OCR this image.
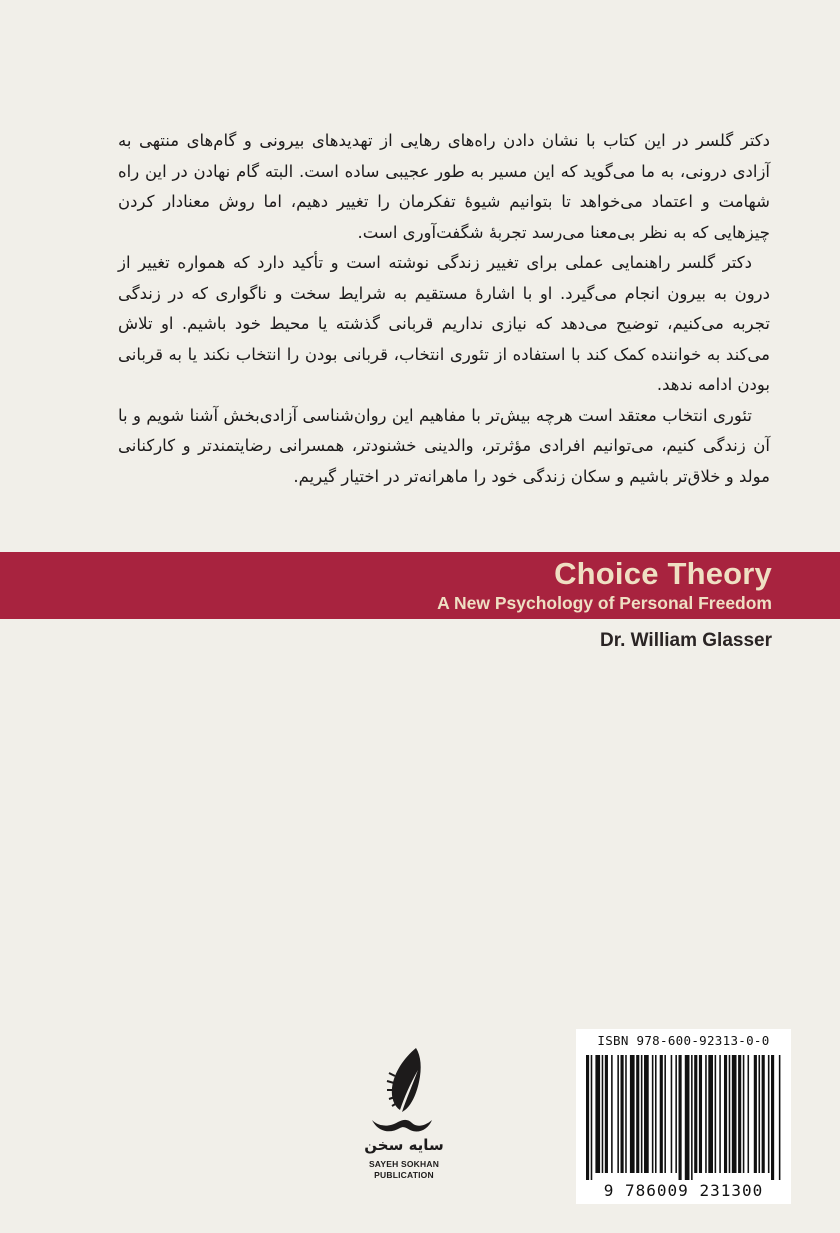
دکتر گلسر در این کتاب با نشان دادن راه‌های رهایی از تهدیدهای بیرونی و گام‌های منتهی به آزادی درونی، به ما می‌گوید که این مسیر به طور عجیبی ساده است. البته گام نهادن در این راه شهامت و اعتماد می‌خواهد تا بتوانیم شیوهٔ تفکرمان را تغییر دهیم، اما روش معنادار کردن چیزهایی که به نظر بی‌معنا می‌رسد تجربهٔ شگفت‌آوری است.

دکتر گلسر راهنمایی عملی برای تغییر زندگی نوشته است و تأکید دارد که همواره تغییر از درون به بیرون انجام می‌گیرد. او با اشارهٔ مستقیم به شرایط سخت و ناگواری که در زندگی تجربه می‌کنیم، توضیح می‌دهد که نیازی نداریم قربانی گذشته یا محیط خود باشیم. او تلاش می‌کند به خواننده کمک کند با استفاده از تئوری انتخاب، قربانی بودن را انتخاب نکند یا به قربانی بودن ادامه ندهد.

تئوری انتخاب معتقد است هرچه بیش‌تر با مفاهیم این روان‌شناسی آزادی‌بخش آشنا شویم و با آن زندگی کنیم، می‌توانیم افرادی مؤثرتر، والدینی خشنودتر، همسرانی رضایتمندتر و کارکنانی مولد و خلاق‌تر باشیم و سکان زندگی خود را ماهرانه‌تر در اختیار گیریم.

Choice Theory
A New Psychology of Personal Freedom
Dr. William Glasser
سایه سخن
SAYEH SOKHAN
PUBLICATION
ISBN 978-600-92313-0-0
9 786009 231300
